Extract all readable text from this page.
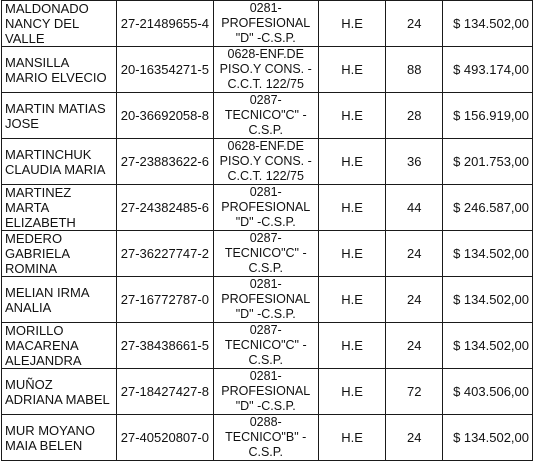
MALDONADO
NANCY DEL
VALLE	27-21489655-4	0281-
PROFESIONAL
"D" -C.S.P.	H.E	24	$ 134.502,00

MANSILLA
MARIO ELVECIO	20-16354271-5	0628-ENF.DE
PISO.Y CONS. -
C.C.T. 122/75	H.E	88	$ 493.174,00

MARTIN MATIAS
JOSE	20-36692058-8	0287-
TECNICO"C" -
C.S.P.	H.E	28	$ 156.919,00

MARTINCHUK
CLAUDIA MARIA	27-23883622-6	0628-ENF.DE
PISO.Y CONS. -
C.C.T. 122/75	H.E	36	$ 201.753,00

MARTINEZ
MARTA
ELIZABETH	27-24382485-6	0281-
PROFESIONAL
"D" -C.S.P.	H.E	44	$ 246.587,00

MEDERO
GABRIELA
ROMINA	27-36227747-2	0287-
TECNICO"C" -
C.S.P.	H.E	24	$ 134.502,00

MELIAN IRMA
ANALIA	27-16772787-0	0281-
PROFESIONAL
"D" -C.S.P.	H.E	24	$ 134.502,00

MORILLO
MACARENA
ALEJANDRA	27-38438661-5	0287-
TECNICO"C" -
C.S.P.	H.E	24	$ 134.502,00

MUÑOZ
ADRIANA MABEL	27-18427427-8	0281-
PROFESIONAL
"D" -C.S.P.	H.E	72	$ 403.506,00

MUR MOYANO
MAIA BELEN	27-40520807-0	0288-
TECNICO"B" -
C.S.P.	H.E	24	$ 134.502,00
